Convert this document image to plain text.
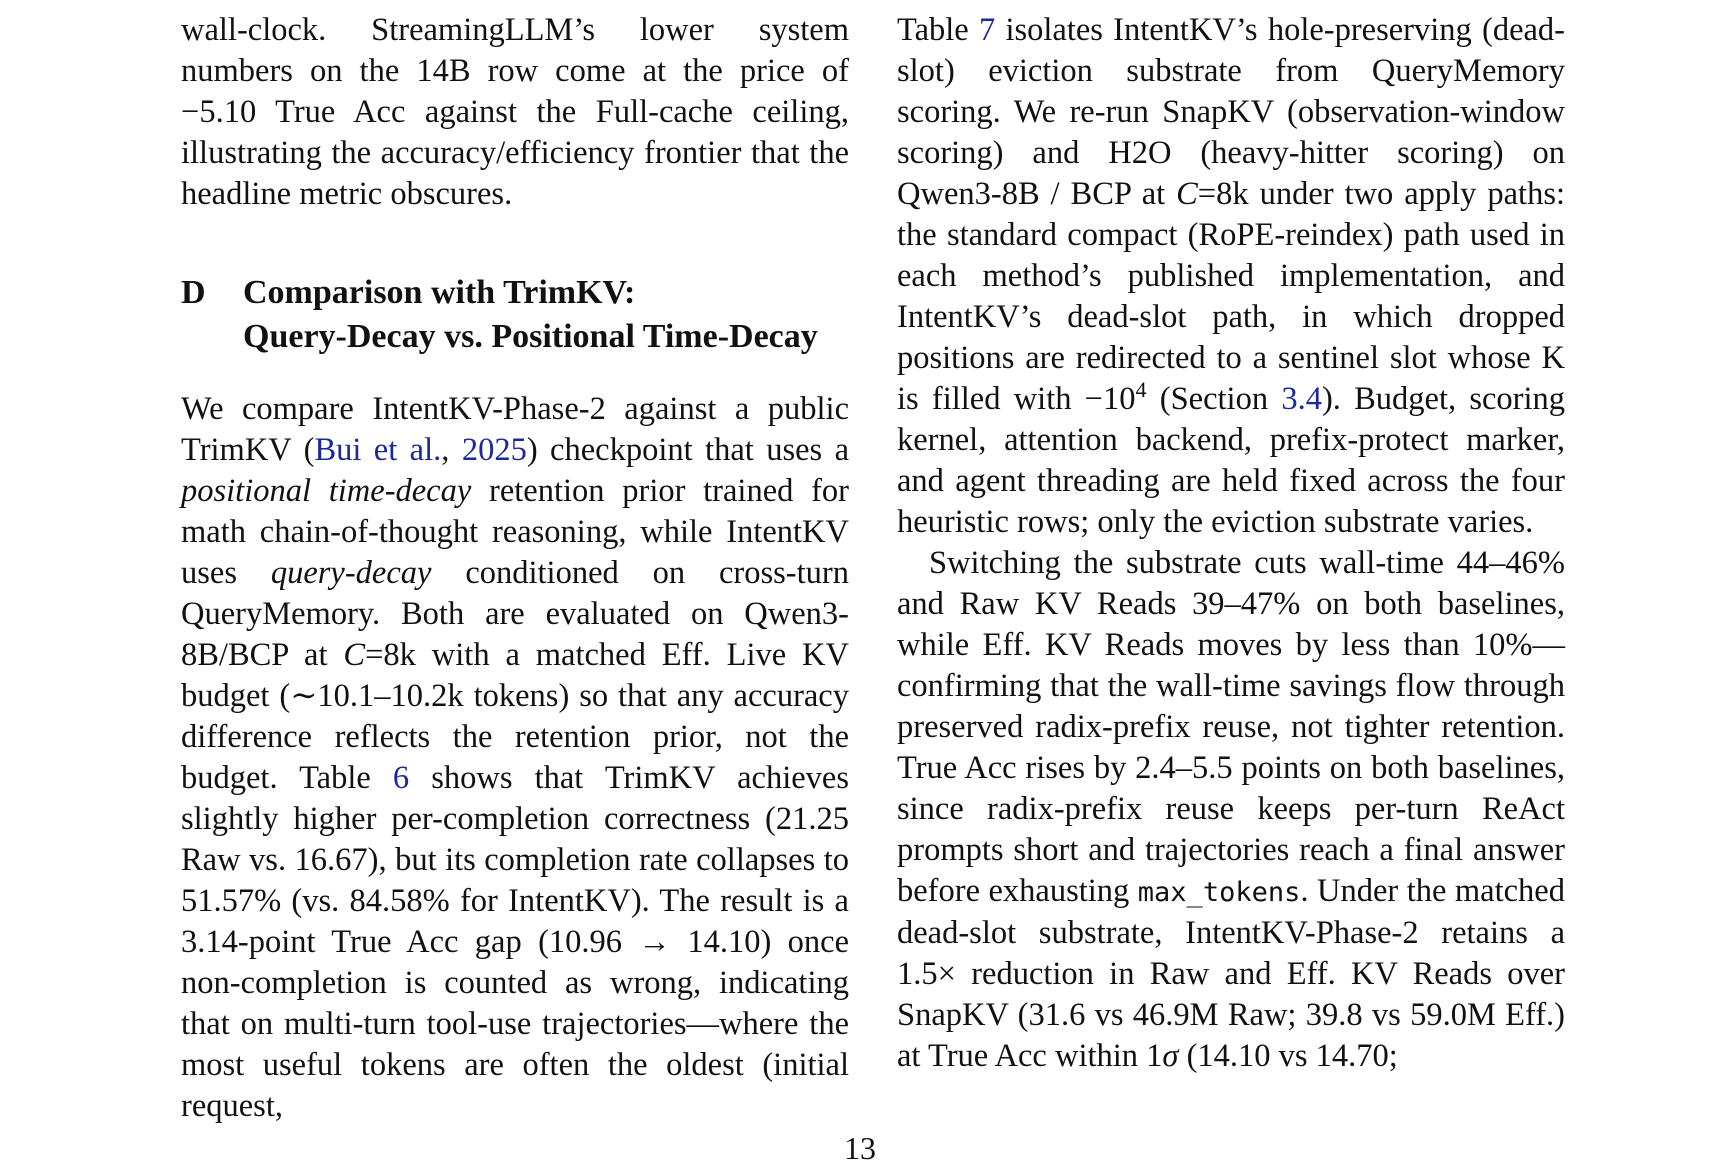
wall-clock. StreamingLLM’s lower system numbers on the 14B row come at the price of −5.10 True Acc against the Full-cache ceiling, illustrating the accuracy/efficiency frontier that the headline metric obscures.

D	Comparison with TrimKV:
Query-Decay vs. Positional Time-Decay

We compare IntentKV-Phase-2 against a public TrimKV (Bui et al., 2025) checkpoint that uses a positional time-decay retention prior trained for math chain-of-thought reasoning, while IntentKV uses query-decay conditioned on cross-turn QueryMemory. Both are evaluated on Qwen3-8B/BCP at C=8k with a matched Eff. Live KV budget (∼10.1–10.2k tokens) so that any accuracy difference reflects the retention prior, not the budget. Table 6 shows that TrimKV achieves slightly higher per-completion correctness (21.25 Raw vs. 16.67), but its completion rate collapses to 51.57% (vs. 84.58% for IntentKV). The result is a 3.14-point True Acc gap (10.96 → 14.10) once non-completion is counted as wrong, indicating that on multi-turn tool-use trajectories—where the most useful tokens are often the oldest (initial request,

Table 7 isolates IntentKV’s hole-preserving (dead-slot) eviction substrate from QueryMemory scoring. We re-run SnapKV (observation-window scoring) and H2O (heavy-hitter scoring) on Qwen3-8B / BCP at C=8k under two apply paths: the standard compact (RoPE-reindex) path used in each method’s published implementation, and IntentKV’s dead-slot path, in which dropped positions are redirected to a sentinel slot whose K is filled with $-10^4$ (Section 3.4). Budget, scoring kernel, attention backend, prefix-protect marker, and agent threading are held fixed across the four heuristic rows; only the eviction substrate varies.

Switching the substrate cuts wall-time 44–46% and Raw KV Reads 39–47% on both baselines, while Eff. KV Reads moves by less than 10%—confirming that the wall-time savings flow through preserved radix-prefix reuse, not tighter retention. True Acc rises by 2.4–5.5 points on both baselines, since radix-prefix reuse keeps per-turn ReAct prompts short and trajectories reach a final answer before exhausting max_tokens. Under the matched dead-slot substrate, IntentKV-Phase-2 retains a 1.5× reduction in Raw and Eff. KV Reads over SnapKV (31.6 vs 46.9M Raw; 39.8 vs 59.0M Eff.) at True Acc within 1σ (14.10 vs 14.70;

13
